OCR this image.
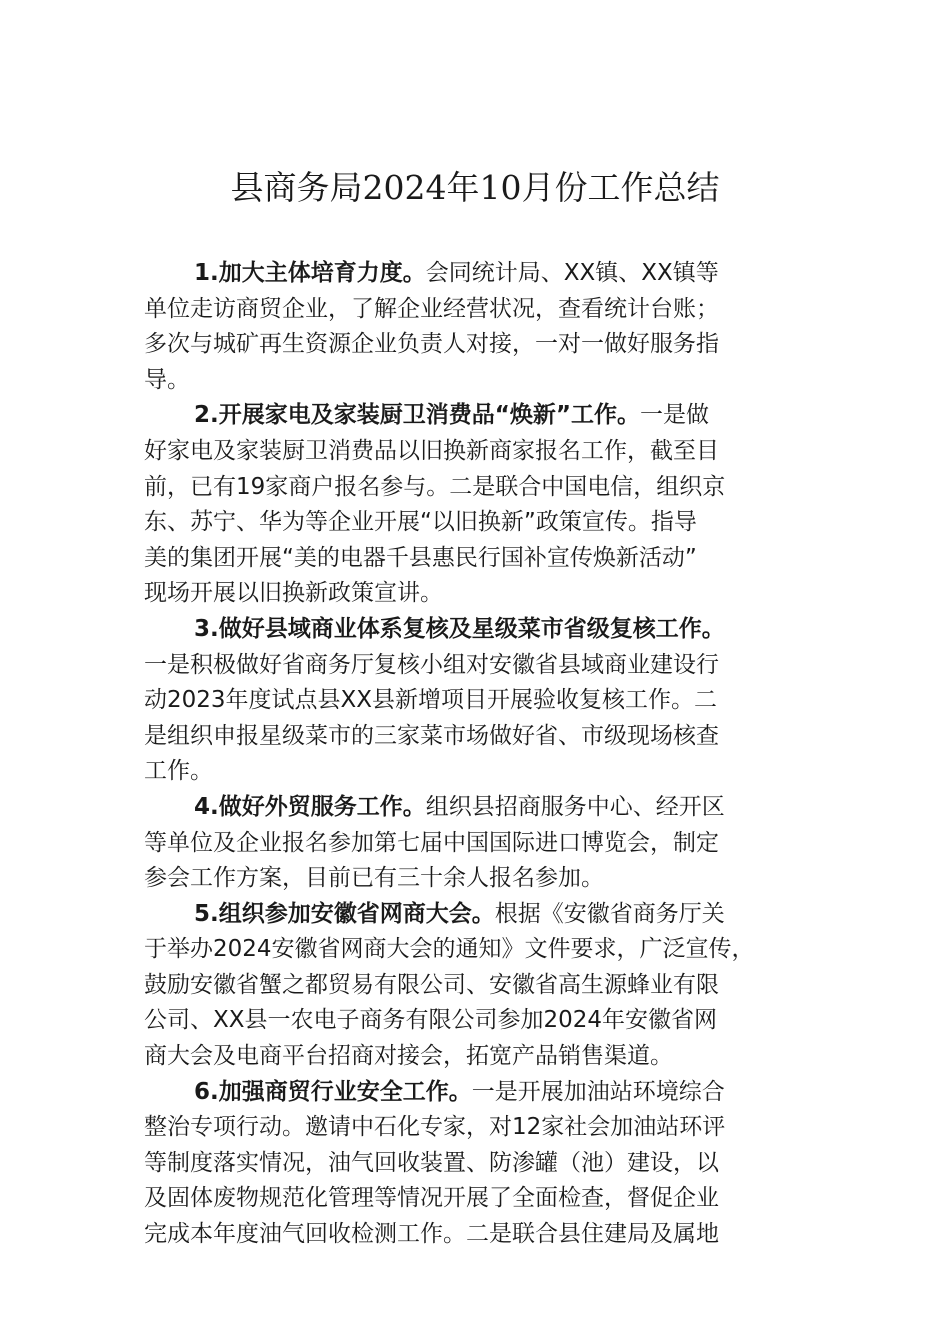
县商务局2024年10月份工作总结
1.加大主体培育力度。会同统计局、XX镇、XX镇等
单位走访商贸企业，了解企业经营状况，查看统计台账；
多次与城矿再生资源企业负责人对接，一对一做好服务指
导。
2.开展家电及家装厨卫消费品“焕新”工作。一是做
好家电及家装厨卫消费品以旧换新商家报名工作，截至目
前，已有19家商户报名参与。二是联合中国电信，组织京
东、苏宁、华为等企业开展“以旧换新”政策宣传。指导
美的集团开展“美的电器千县惠民行国补宣传焕新活动”
现场开展以旧换新政策宣讲。
3.做好县域商业体系复核及星级菜市省级复核工作。
一是积极做好省商务厅复核小组对安徽省县域商业建设行
动2023年度试点县XX县新增项目开展验收复核工作。二
是组织申报星级菜市的三家菜市场做好省、市级现场核查
工作。
4.做好外贸服务工作。组织县招商服务中心、经开区
等单位及企业报名参加第七届中国国际进口博览会，制定
参会工作方案，目前已有三十余人报名参加。
5.组织参加安徽省网商大会。根据《安徽省商务厅关
于举办2024安徽省网商大会的通知》文件要求，广泛宣传，
鼓励安徽省蟹之都贸易有限公司、安徽省高生源蜂业有限
公司、XX县一农电子商务有限公司参加2024年安徽省网
商大会及电商平台招商对接会，拓宽产品销售渠道。
6.加强商贸行业安全工作。一是开展加油站环境综合
整治专项行动。邀请中石化专家，对12家社会加油站环评
等制度落实情况，油气回收装置、防渗罐（池）建设，以
及固体废物规范化管理等情况开展了全面检查，督促企业
完成本年度油气回收检测工作。二是联合县住建局及属地
